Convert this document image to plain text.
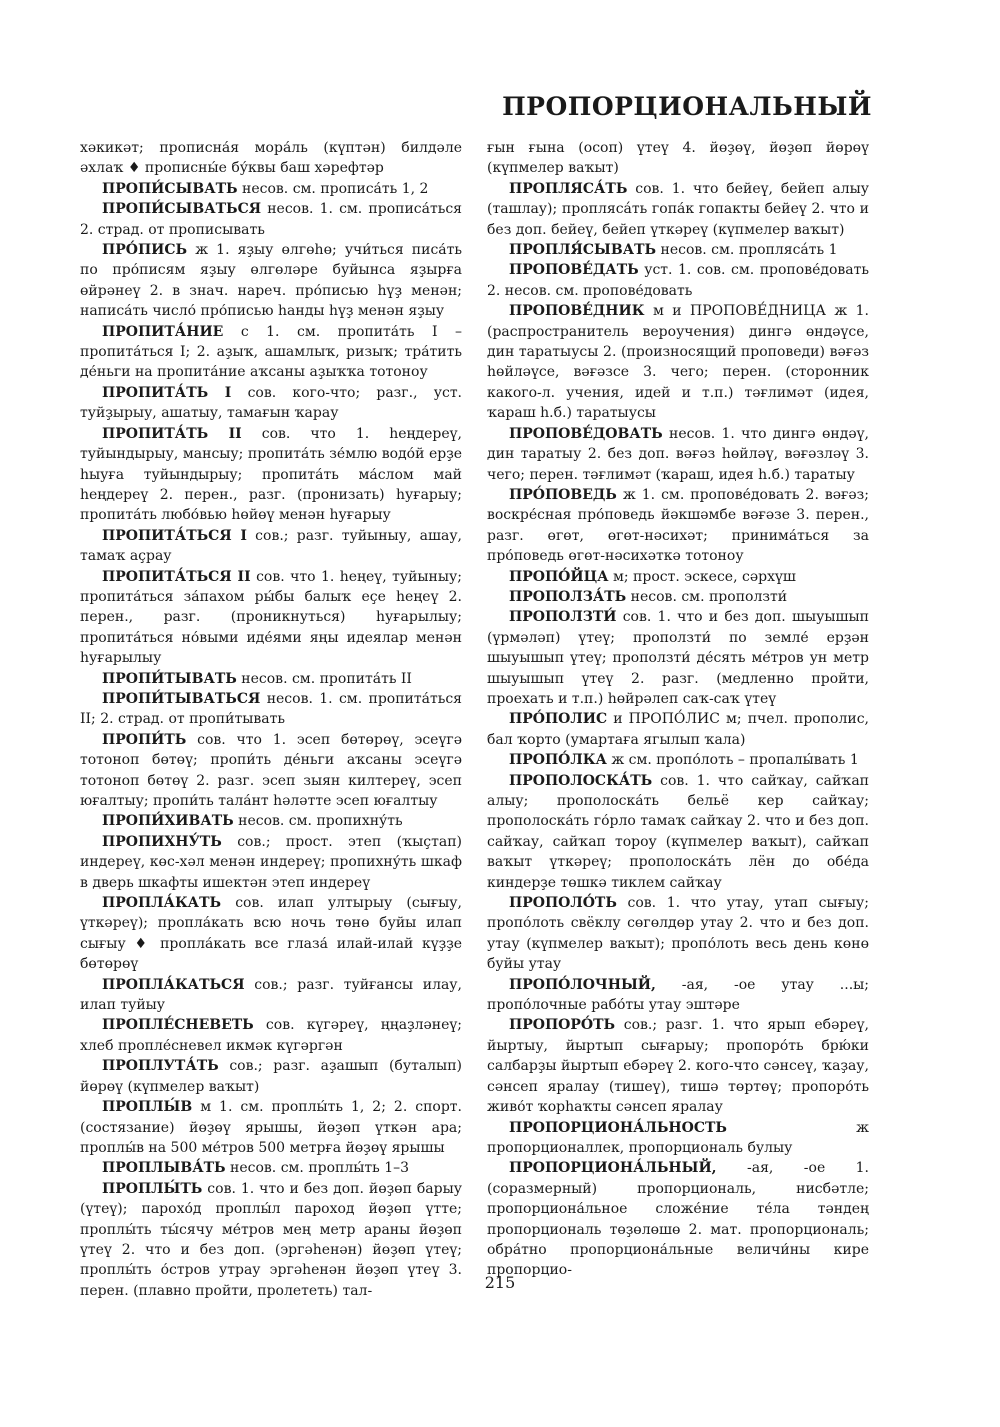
ПРОПОРЦИОНАЛЬНЫЙ

хәкикәт; прописна́я мора́ль (күптән) билдәле әхлаҡ ♦ прописны́е бу́квы баш хәрефтәр

ПРОПИ́СЫВАТЬ несов. см. прописа́ть 1, 2

ПРОПИ́СЫВАТЬСЯ несов. 1. см. прописа́ться 2. страд. от прописывать

ПРО́ПИСЬ ж 1. яҙыу өлгөһө; учи́ться писа́ть по про́писям яҙыу өлгөләре буйынса яҙырға өйрәнеү 2. в знач. нареч. про́писью һүҙ менән; написа́ть число́ про́писью һанды һүҙ менән яҙыу

ПРОПИТА́НИЕ с 1. см. пропита́ть I – пропита́ться I; 2. аҙыҡ, ашамлыҡ, ризыҡ; тра́тить де́ньги на пропита́ние аҡсаны аҙыҡҡа тотоноу

ПРОПИТА́ТЬ I сов. кого-что; разг., уст. туйҙырыу, ашатыу, тамағын ҡарау

ПРОПИТА́ТЬ II сов. что 1. һеңдереү, туйындырыу, мансыу; пропита́ть зе́млю водо́й ерҙе һыуға туйындырыу; пропита́ть ма́слом май һеңдереү 2. перен., разг. (пронизать) һуғарыу; пропита́ть любо́вью һөйөү менән һуғарыу

ПРОПИТА́ТЬСЯ I сов.; разг. туйыныу, ашау, тамаҡ аҫрау

ПРОПИТА́ТЬСЯ II сов. что 1. һеңеү, туйыныу; пропита́ться за́пахом ры́бы балыҡ еҫе һеңеү 2. перен., разг. (проникнуться) һуғарылыу; пропита́ться но́выми иде́ями яңы идеялар менән һуғарылыу

ПРОПИ́ТЫВАТЬ несов. см. пропита́ть II

ПРОПИ́ТЫВАТЬСЯ несов. 1. см. пропита́ться II; 2. страд. от пропи́тывать

ПРОПИ́ТЬ сов. что 1. эсеп бөтөрөү, эсеүгә тотоноп бөтөү; пропи́ть де́ньги аҡсаны эсеүгә тотоноп бөтөү 2. разг. эсеп зыян килтереү, эсеп юғалтыу; пропи́ть тала́нт һәләтте эсеп юғалтыу

ПРОПИ́ХИВАТЬ несов. см. пропихну́ть

ПРОПИХНУ́ТЬ сов.; прост. этеп (ҡыҫтап) индереү, көс-хәл менән индереү; пропихну́ть шкаф в дверь шкафты ишектән этеп индереү

ПРОПЛА́КАТЬ сов. илап ултырыу (сығыу, үткәреү); пропла́кать всю ночь төнө буйы илап сығыу ♦ пропла́кать все глаза́ илай-илай күҙҙе бөтөрөү

ПРОПЛА́КАТЬСЯ сов.; разг. туйғансы илау, илап туйыу

ПРОПЛЕ́СНЕВЕТЬ сов. күгәреү, ңңаҙләнеү; хлеб пропле́сневел икмәк күгәргән

ПРОПЛУТА́ТЬ сов.; разг. аҙашып (буталып) йөрөү (күпмелер ваҡыт)

ПРОПЛЫ́В м 1. см. проплы́ть 1, 2; 2. спорт. (состязание) йөҙөү ярышы, йөҙөп үткән ара; проплы́в на 500 ме́тров 500 метрға йөҙөү ярышы

ПРОПЛЫВА́ТЬ несов. см. проплы́ть 1–3

ПРОПЛЫ́ТЬ сов. 1. что и без доп. йөҙөп барыу (үтеү); парохо́д проплы́л пароход йөҙөп үтте; проплы́ть ты́сячу ме́тров мең метр араны йөҙөп үтеү 2. что и без доп. (эргәһенән) йөҙөп үтеү; проплы́ть о́стров утрау эргәһенән йөҙөп үтеү 3. перен. (плавно пройти, пролететь) тал-

ғын ғына (осоп) үтеү 4. йөҙөү, йөҙөп йөрөү (күпмелер ваҡыт)

ПРОПЛЯСА́ТЬ сов. 1. что бейеү, бейеп алыу (ташлау); проплясáть гопа́к гопакты бейеү 2. что и без доп. бейеү, бейеп үткәреү (күпмелер ваҡыт)

ПРОПЛЯ́СЫВАТЬ несов. см. проплясáть 1

ПРОПОВЕ́ДАТЬ уст. 1. сов. см. пропове́довать 2. несов. см. пропове́довать

ПРОПОВЕ́ДНИК м и ПРОПОВЕ́ДНИЦА ж 1. (распространитель вероучения) дингә өндәүсе, дин таратыусы 2. (произносящий проповеди) вәғәз һөйләүсе, вәғәзсе 3. чего; перен. (сторонник какого-л. учения, идей и т.п.) тәғлимәт (идея, ҡараш һ.б.) таратыусы

ПРОПОВЕ́ДОВАТЬ несов. 1. что дингә өндәү, дин таратыу 2. без доп. вәғәз һөйләү, вәғәзләү 3. чего; перен. тәғлимәт (ҡараш, идея һ.б.) таратыу

ПРО́ПОВЕДЬ ж 1. см. пропове́довать 2. вәғәз; воскре́сная про́поведь йәкшәмбе вәғәзе 3. перен., разг. өгөт, өгөт-нәсихәт; принима́ться за про́поведь өгөт-нәсихәткә тотоноу

ПРОПО́ЙЦА м; прост. эскесе, сәрхүш

ПРОПОЛЗА́ТЬ несов. см. проползти́

ПРОПОЛЗТИ́ сов. 1. что и без доп. шыуышып (үрмәләп) үтеү; проползти́ по земле́ ерҙән шыуышып үтеү; проползти́ де́сять ме́тров ун метр шыуышып үтеү 2. разг. (медленно пройти, проехать и т.п.) һөйрәлеп саҡ-саҡ үтеү

ПРО́ПОЛИС и ПРОПО́ЛИС м; пчел. прополис, бал ҡорто (умартаға ягылып ҡала)

ПРОПО́ЛКА ж см. пропо́лоть – пропалы́вать 1

ПРОПОЛОСКА́ТЬ сов. 1. что сайҡау, сайҡап алыу; прополоска́ть бельё кер сайҡау; прополоска́ть го́рло тамаҡ сайҡау 2. что и без доп. сайҡау, сайҡап тороу (күпмелер ваҡыт), сайҡап ваҡыт үткәреү; прополоска́ть лён до обе́да киндерҙе төшкә тиклем сайҡау

ПРОПОЛО́ТЬ сов. 1. что утау, утап сығыу; пропо́лоть свёклу сөгөлдөр утау 2. что и без доп. утау (күпмелер ваҡыт); пропо́лоть весь день көнө буйы утау

ПРОПО́ЛОЧНЫЙ, -ая, -ое утау ...ы; пропо́лочные рабо́ты утау эштәре

ПРОПОРО́ТЬ сов.; разг. 1. что ярып ебәреү, йыртыу, йыртып сығарыу; пропоро́ть брю́ки салбарҙы йыртып ебәреү 2. кого-что сәнсеү, ҡаҙау, сәнсеп яралау (тишеү), тишә төртөү; пропоро́ть живо́т ҡорһаҡты сәнсеп яралау

ПРОПОРЦИОНА́ЛЬНОСТЬ	ж пропорционаллек, пропорциональ булыу

ПРОПОРЦИОНА́ЛЬНЫЙ, -ая, -ое 1. (соразмерный) пропорциональ, нисбәтле; пропорциона́льное сложе́ние те́ла тәндең пропорциональ төҙөлөшө 2. мат. пропорциональ; обра́тно пропорциона́льные величи́ны кире пропорцио-

215
